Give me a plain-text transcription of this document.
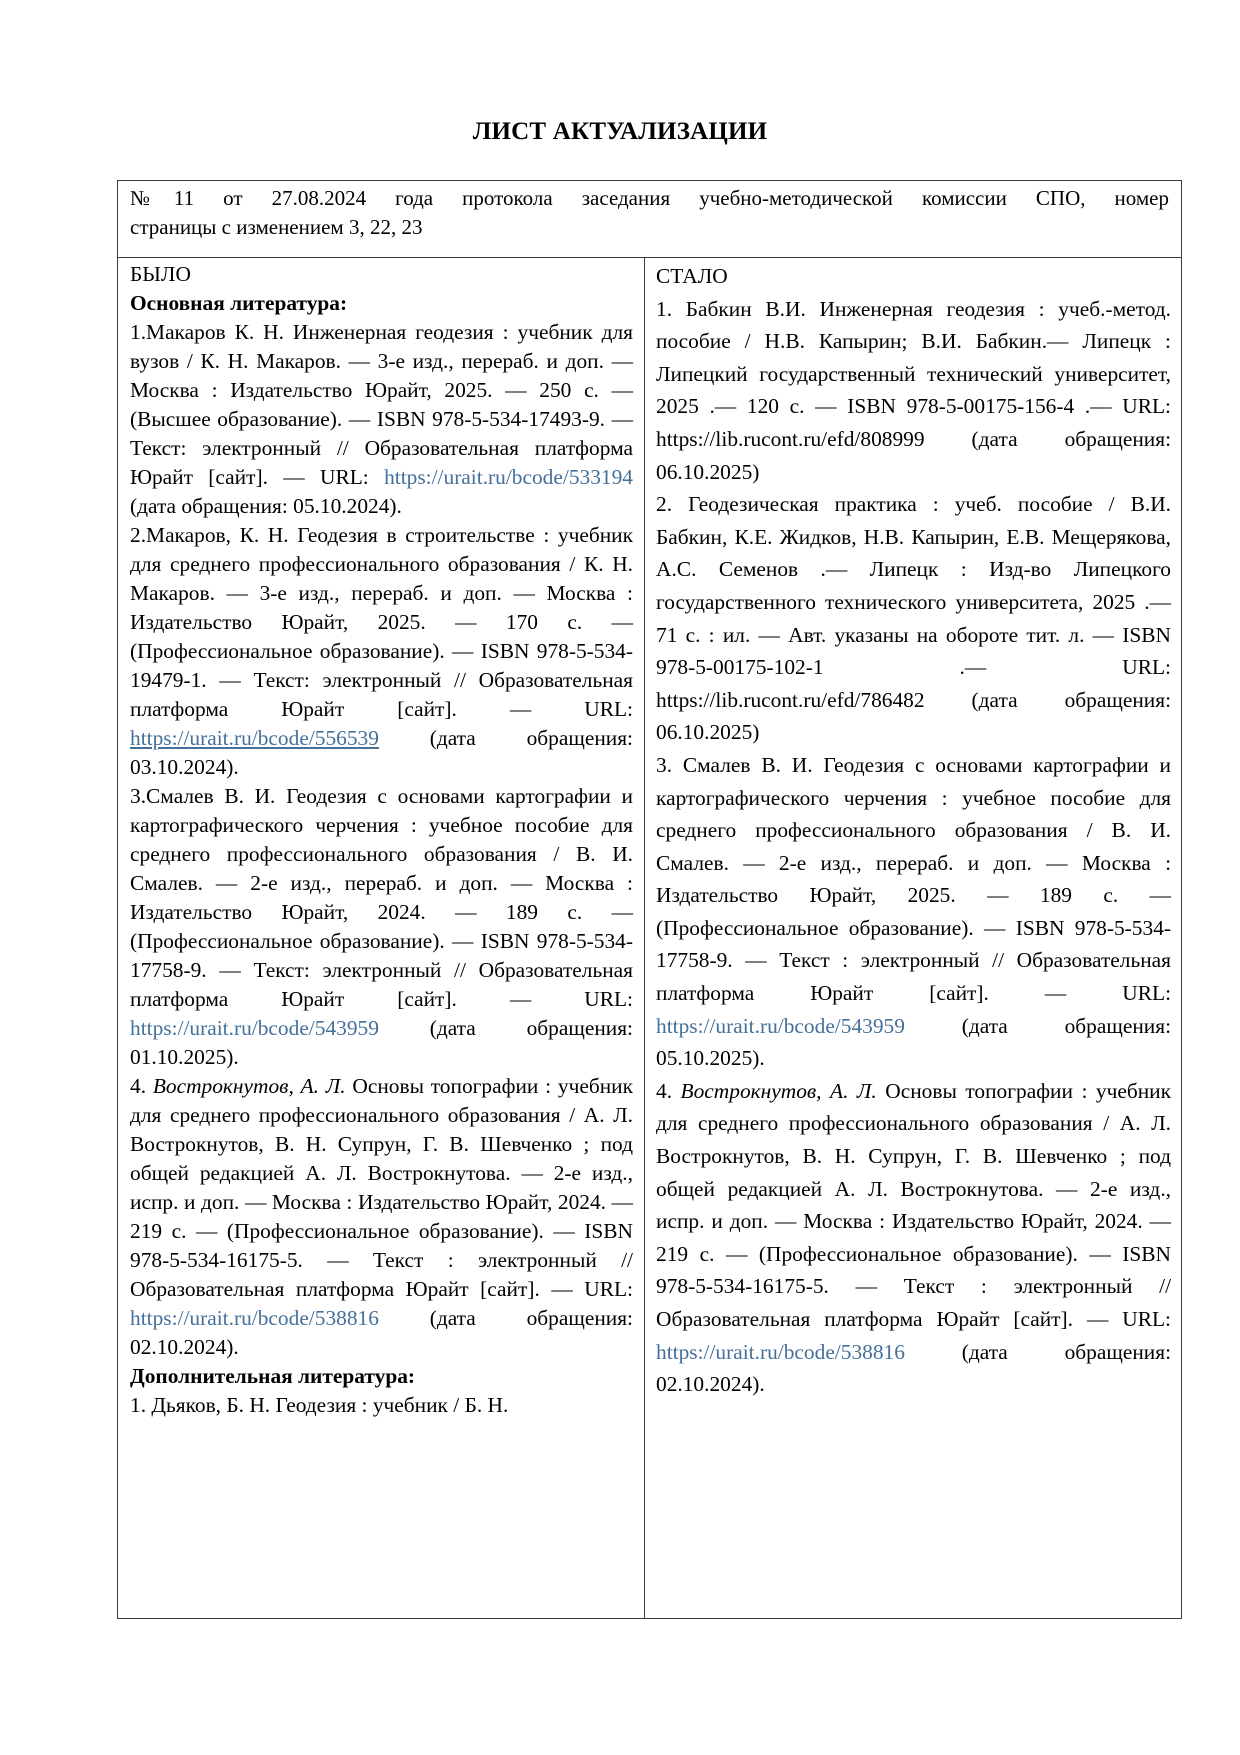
ЛИСТ АКТУАЛИЗАЦИИ
№11 от 27.08.2024 года протокола заседания учебно-методической комиссии СПО, номер
страницы с изменением 3, 22, 23

БЫЛО
Основная литература:
1.Макаров К. Н. Инженерная геодезия : учебник для вузов / К. Н. Макаров. — 3-е изд., перераб. и доп. — Москва : Издательство Юрайт, 2025. — 250 с. — (Высшее образование). — ISBN 978-5-534-17493-9. — Текст: электронный // Образовательная платформа Юрайт [сайт]. — URL: https://urait.ru/bcode/533194 (дата обращения: 05.10.2024).
2.Макаров, К. Н. Геодезия в строительстве : учебник для среднего профессионального образования / К. Н. Макаров. — 3-е изд., перераб. и доп. — Москва : Издательство Юрайт, 2025. — 170 с. — (Профессиональное образование). — ISBN 978-5-534-19479-1. — Текст: электронный // Образовательная платформа Юрайт [сайт]. — URL: https://urait.ru/bcode/556539 (дата обращения: 03.10.2024).
3.Смалев В. И. Геодезия с основами картографии и картографического черчения : учебное пособие для среднего профессионального образования / В. И. Смалев. — 2-е изд., перераб. и доп. — Москва : Издательство Юрайт, 2024. — 189 с. — (Профессиональное образование). — ISBN 978-5-534-17758-9. — Текст: электронный // Образовательная платформа Юрайт [сайт]. — URL: https://urait.ru/bcode/543959 (дата обращения: 01.10.2025).
4. Вострокнутов, А. Л. Основы топографии : учебник для среднего профессионального образования / А. Л. Вострокнутов, В. Н. Супрун, Г. В. Шевченко ; под общей редакцией А. Л. Вострокнутова. — 2-е изд., испр. и доп. — Москва : Издательство Юрайт, 2024. — 219 с. — (Профессиональное образование). — ISBN 978-5-534-16175-5. — Текст : электронный // Образовательная платформа Юрайт [сайт]. — URL: https://urait.ru/bcode/538816 (дата обращения: 02.10.2024).
Дополнительная литература:
1. Дьяков, Б. Н. Геодезия : учебник / Б. Н.

СТАЛО
1. Бабкин В.И. Инженерная геодезия : учеб.-метод. пособие / Н.В. Капырин; В.И. Бабкин.— Липецк : Липецкий государственный технический университет, 2025 .— 120 с. — ISBN 978-5-00175-156-4 .— URL: https://lib.rucont.ru/efd/808999 (дата обращения: 06.10.2025)
2. Геодезическая практика : учеб. пособие / В.И. Бабкин, К.Е. Жидков, Н.В. Капырин, Е.В. Мещерякова, А.С. Семенов .— Липецк : Изд-во Липецкого государственного технического университета, 2025 .— 71 с. : ил. — Авт. указаны на обороте тит. л. — ISBN 978-5-00175-102-1 .— URL: https://lib.rucont.ru/efd/786482 (дата обращения: 06.10.2025)
3. Смалев В. И. Геодезия с основами картографии и картографического черчения : учебное пособие для среднего профессионального образования / В. И. Смалев. — 2-е изд., перераб. и доп. — Москва : Издательство Юрайт, 2025. — 189 с. — (Профессиональное образование). — ISBN 978-5-534-17758-9. — Текст : электронный // Образовательная платформа Юрайт [сайт]. — URL: https://urait.ru/bcode/543959 (дата обращения: 05.10.2025).
4. Вострокнутов, А. Л. Основы топографии : учебник для среднего профессионального образования / А. Л. Вострокнутов, В. Н. Супрун, Г. В. Шевченко ; под общей редакцией А. Л. Вострокнутова. — 2-е изд., испр. и доп. — Москва : Издательство Юрайт, 2024. — 219 с. — (Профессиональное образование). — ISBN 978-5-534-16175-5. — Текст : электронный // Образовательная платформа Юрайт [сайт]. — URL: https://urait.ru/bcode/538816 (дата обращения: 02.10.2024).
